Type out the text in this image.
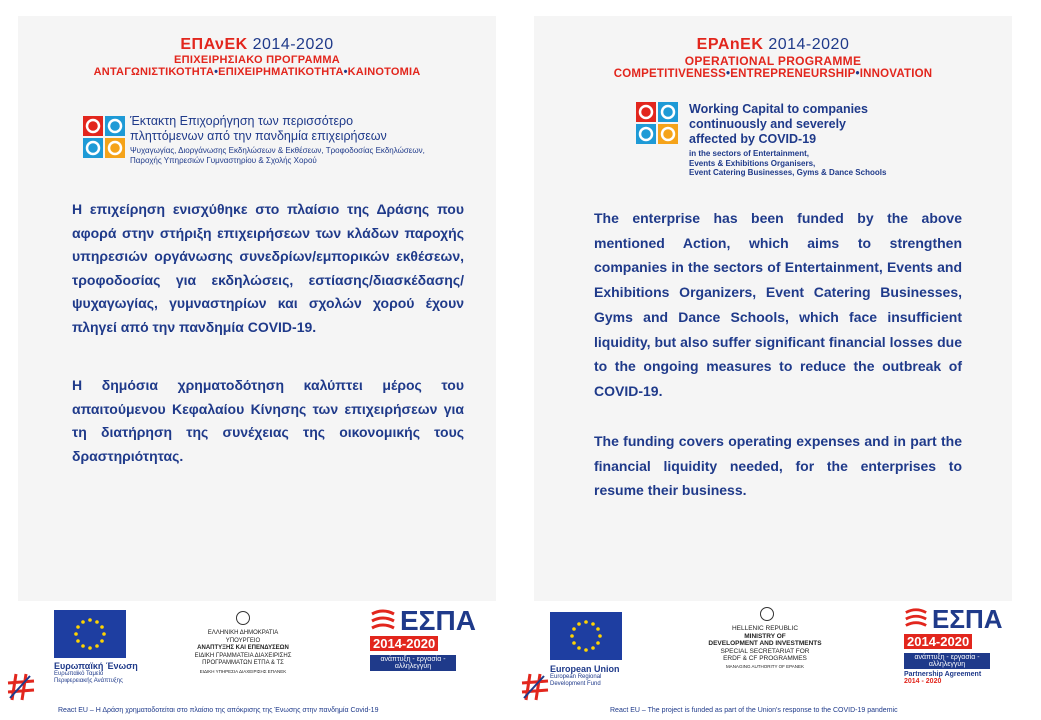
ΕΠΑνΕΚ 2014-2020
ΕΠΙΧΕΙΡΗΣΙΑΚΟ ΠΡΟΓΡΑΜΜΑ
ΑΝΤΑΓΩΝΙΣΤΙΚΟΤΗΤΑ•ΕΠΙΧΕΙΡΗΜΑΤΙΚΟΤΗΤΑ•ΚΑΙΝΟΤΟΜΙΑ
Έκτακτη Επιχορήγηση των περισσότερο
πληττόμενων από την πανδημία επιχειρήσεων
Ψυχαγωγίας, Διοργάνωσης Εκδηλώσεων & Εκθέσεων, Τροφοδοσίας Εκδηλώσεων,
Παροχής Υπηρεσιών Γυμναστηρίου & Σχολής Χορού
Η επιχείρηση ενισχύθηκε στο πλαίσιο της Δράσης που αφορά στην στήριξη επιχειρήσεων των κλάδων παροχής υπηρεσιών οργάνωσης συνεδρίων/εμπορικών εκθέσεων, τροφοδοσίας για εκδηλώσεις, εστίασης/διασκέδασης/ψυχαγωγίας, γυμναστηρίων και σχολών χορού έχουν πληγεί από την πανδημία COVID-19.
Η δημόσια χρηματοδότηση καλύπτει μέρος του απαιτούμενου Κεφαλαίου Κίνησης των επιχειρήσεων για τη διατήρηση της συνέχειας της οικονομικής τους δραστηριότητας.
Ευρωπαϊκή Ένωση
Ευρωπαϊκό Ταμείο
Περιφερειακής Ανάπτυξης
ΕΛΛΗΝΙΚΗ ΔΗΜΟΚΡΑΤΙΑ
ΥΠΟΥΡΓΕΙΟ
ΑΝΑΠΤΥΞΗΣ ΚΑΙ ΕΠΕΝΔΥΣΕΩΝ
ΕΙΔΙΚΗ ΓΡΑΜΜΑΤΕΙΑ ΔΙΑΧΕΙΡΙΣΗΣ
ΠΡΟΓΡΑΜΜΑΤΩΝ ΕΤΠΑ & ΤΣ
ΕΙΔΙΚΗ ΥΠΗΡΕΣΙΑ ΔΙΑΧΕΙΡΙΣΗΣ ΕΠΑΝΕΚ
ΕΣΠΑ
2014-2020
ανάπτυξη - εργασία - αλληλεγγύη
React EU – Η Δράση χρηματοδοτείται στο πλαίσιο της απόκρισης της Ένωσης στην πανδημία Covid-19
EPAnEK 2014-2020
OPERATIONAL PROGRAMME
COMPETITIVENESS•ENTREPRENEURSHIP•INNOVATION
Working Capital to companies
continuously and severely
affected by COVID-19
in the sectors of Entertainment,
Events & Exhibitions Organisers,
Event Catering Businesses, Gyms & Dance Schools
The enterprise has been funded by the above mentioned Action, which aims to strengthen companies in the sectors of Entertainment, Events and Exhibitions Organizers, Event Catering Businesses, Gyms and Dance Schools, which face insufficient liquidity, but also suffer significant financial losses due to the ongoing measures to reduce the outbreak of COVID-19.
The funding covers operating expenses and in part the financial liquidity needed, for the enterprises to resume their business.
European Union
European Regional
Development Fund
HELLENIC REPUBLIC
MINISTRY OF
DEVELOPMENT AND INVESTMENTS
SPECIAL SECRETARIAT FOR
ERDF & CF PROGRAMMES
MANAGING AUTHORITY OF EPANEK
ΕΣΠΑ
2014-2020
ανάπτυξη - εργασία - αλληλεγγύη
Partnership Agreement
2014 - 2020
React EU – The project is funded as part of the Union's response to the COVID-19 pandemic
